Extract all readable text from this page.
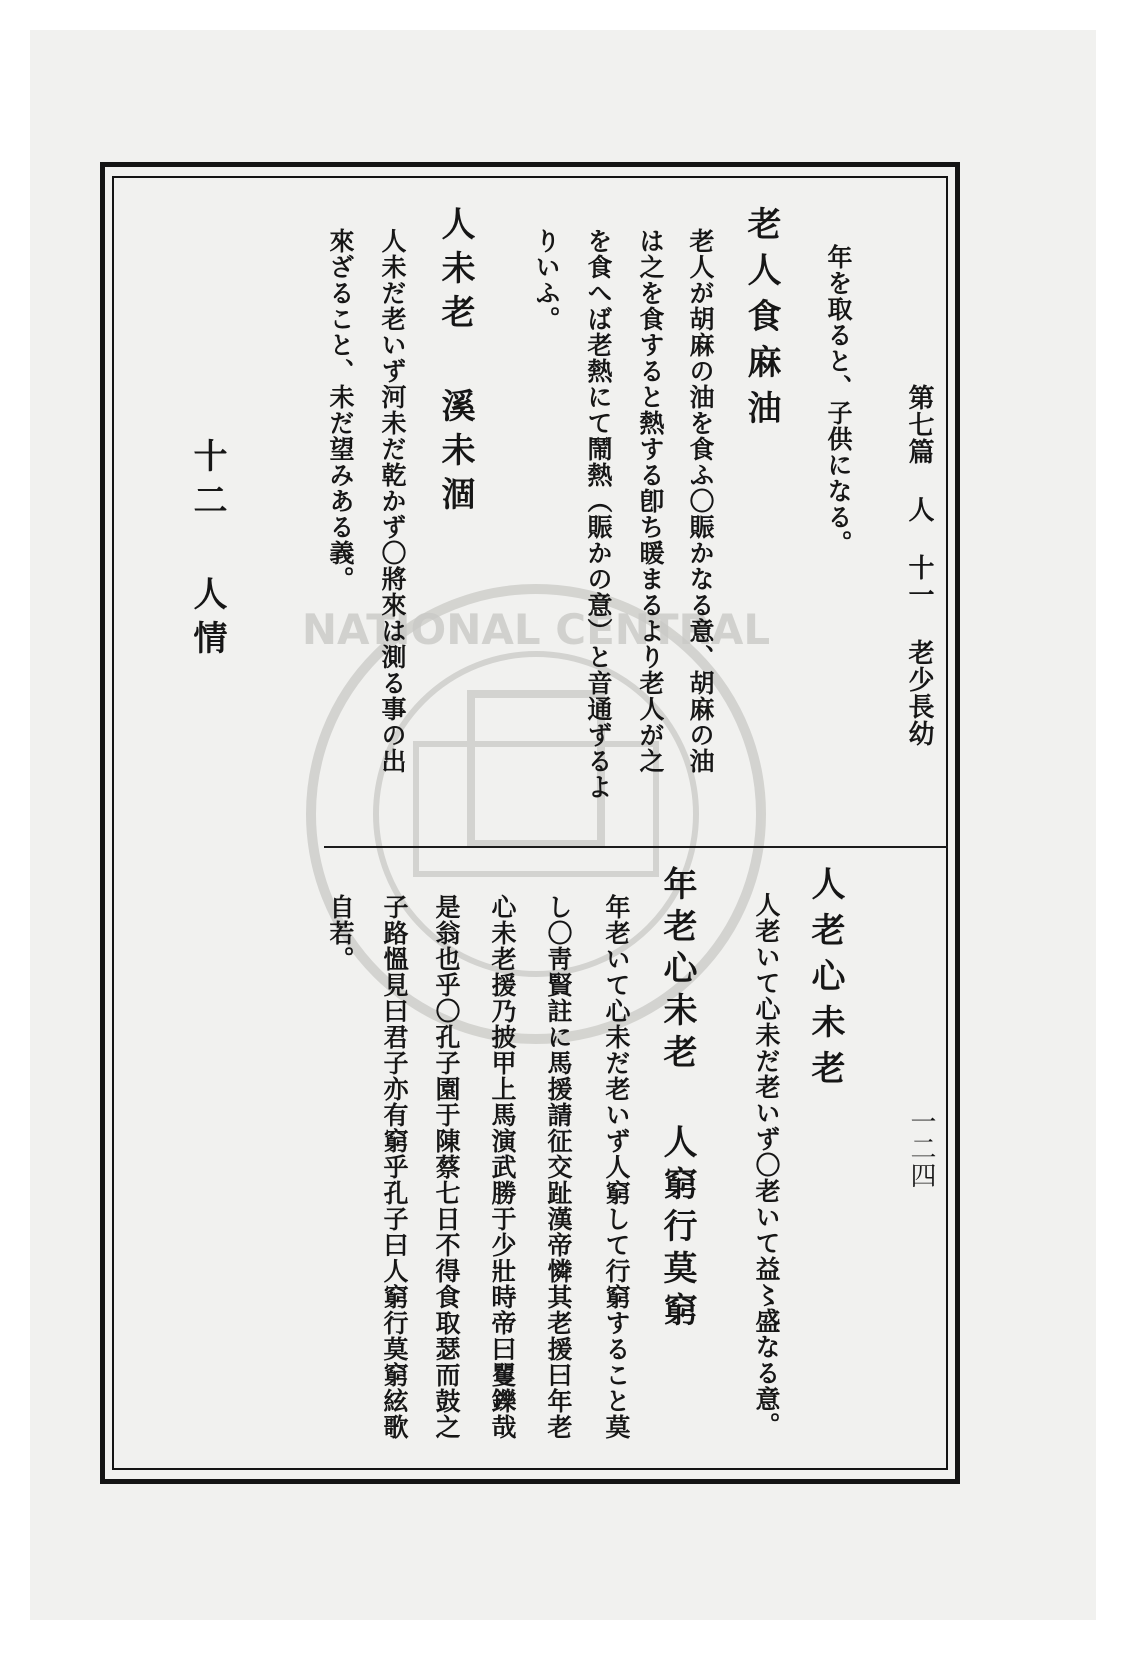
NATIONAL CENTRAL	第七篇 人 十一 老少長幼
一二四
年を取ると、子供になる。
老人食麻油
老人が胡麻の油を食ふ〇賑かなる意、胡麻の油
は之を食すると熱する卽ち暖まるより老人が之
を食へば老熱にて鬧熱（賑かの意）と音通ずるよ
りいふ。
人未老 溪未涸
人未だ老いず河未だ乾かず〇將來は測る事の出
來ざること、未だ望みある義。
十二 人情
人老心未老
人老いて心未だ老いず〇老いて益〻盛なる意。
年老心未老 人窮行莫窮
年老いて心未だ老いず人窮して行窮すること莫
し〇靑賢註に馬援請征交趾漢帝憐其老援曰年老
心未老援乃披甲上馬演武勝于少壯時帝曰矍鑠哉
是翁也乎〇孔子園于陳蔡七日不得食取瑟而鼓之
子路慍見曰君子亦有窮乎孔子曰人窮行莫窮絃歌
自若。
